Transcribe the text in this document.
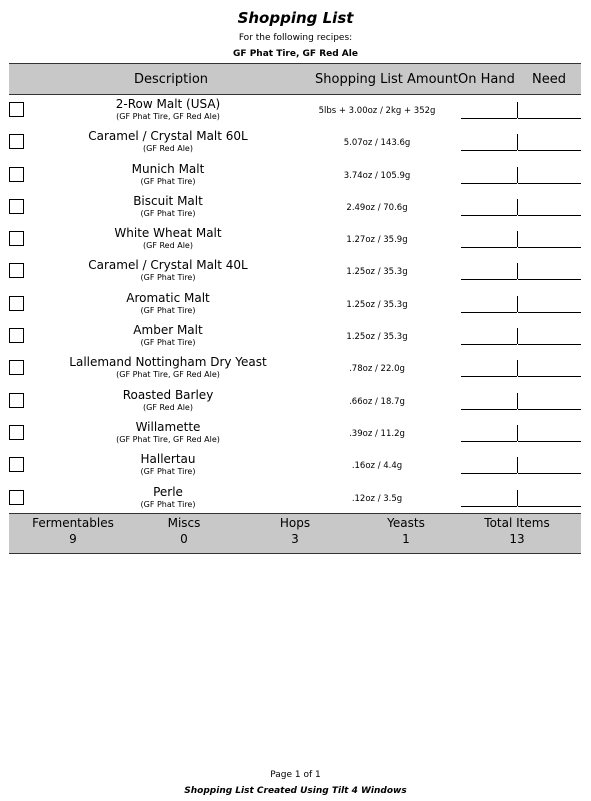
Shopping List
For the following recipes:
GF Phat Tire, GF Red Ale
Description	Shopping List Amount On Hand Need
2-Row Malt (USA)
(GF Phat Tire, GF Red Ale)
5lbs + 3.00oz / 2kg + 352g
Caramel / Crystal Malt 60L
(GF Red Ale)
5.07oz / 143.6g
Munich Malt
(GF Phat Tire)
3.74oz / 105.9g
Biscuit Malt
(GF Phat Tire)
2.49oz / 70.6g
White Wheat Malt
(GF Red Ale)
1.27oz / 35.9g
Caramel / Crystal Malt 40L
(GF Phat Tire)
1.25oz / 35.3g
Aromatic Malt
(GF Phat Tire)
1.25oz / 35.3g
Amber Malt
(GF Phat Tire)
1.25oz / 35.3g
Lallemand Nottingham Dry Yeast
(GF Phat Tire, GF Red Ale)
.78oz / 22.0g
Roasted Barley
(GF Red Ale)
.66oz / 18.7g
Willamette
(GF Phat Tire, GF Red Ale)
.39oz / 11.2g
Hallertau
(GF Phat Tire)
.16oz / 4.4g
Perle
(GF Phat Tire)
.12oz / 3.5g
Fermentables
9
Miscs
0
Hops
3
Yeasts
1
Total Items
13
Page 1 of 1
Shopping List Created Using Tilt 4 Windows
